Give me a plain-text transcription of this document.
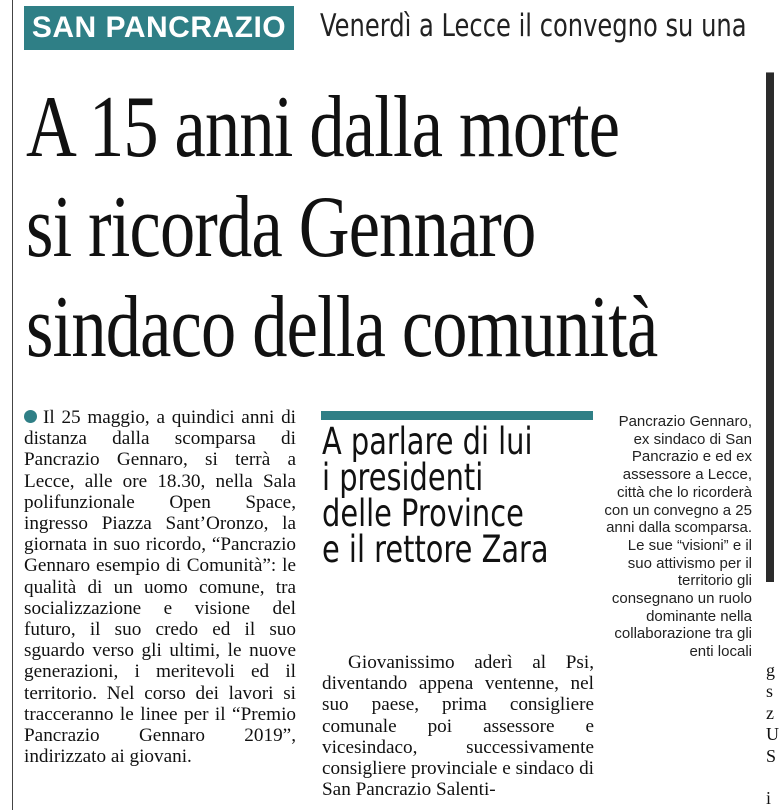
SAN PANCRAZIO Venerdì a Lecce il convegno su una
A 15 anni dalla morte
si ricorda Gennaro
sindaco della comunità
Il 25 maggio, a quindici anni di distanza dalla scomparsa di Pancrazio Gennaro, si terrà a Lecce, alle ore 18.30, nella Sala polifunzionale Open Space, ingresso Piazza Sant’Oronzo, la giornata in suo ricordo, “Pancrazio Gennaro esempio di Comunità”: le qualità di un uomo comune, tra socializzazione e visione del futuro, il suo credo ed il suo sguardo verso gli ultimi, le nuove generazioni, i meritevoli ed il territorio. Nel corso dei lavori si tracceranno le linee per il “Premio Pancrazio Gennaro 2019”, indirizzato ai giovani.
A parlare di lui
i presidenti
delle Province
e il rettore Zara
Giovanissimo aderì al Psi, diventando appena ventenne, nel suo paese, prima consigliere comunale poi assessore e vicesindaco, successivamente consigliere provinciale e sindaco di San Pancrazio Salenti-
Pancrazio Gennaro, ex sindaco di San Pancrazio e ed ex assessore a Lecce, città che lo ricorderà con un convegno a 25 anni dalla scomparsa. Le sue “visioni” e il suo attivismo per il territorio gli consegnano un ruolo dominante nella collaborazione tra gli enti locali
g
s
z
U
S

i
